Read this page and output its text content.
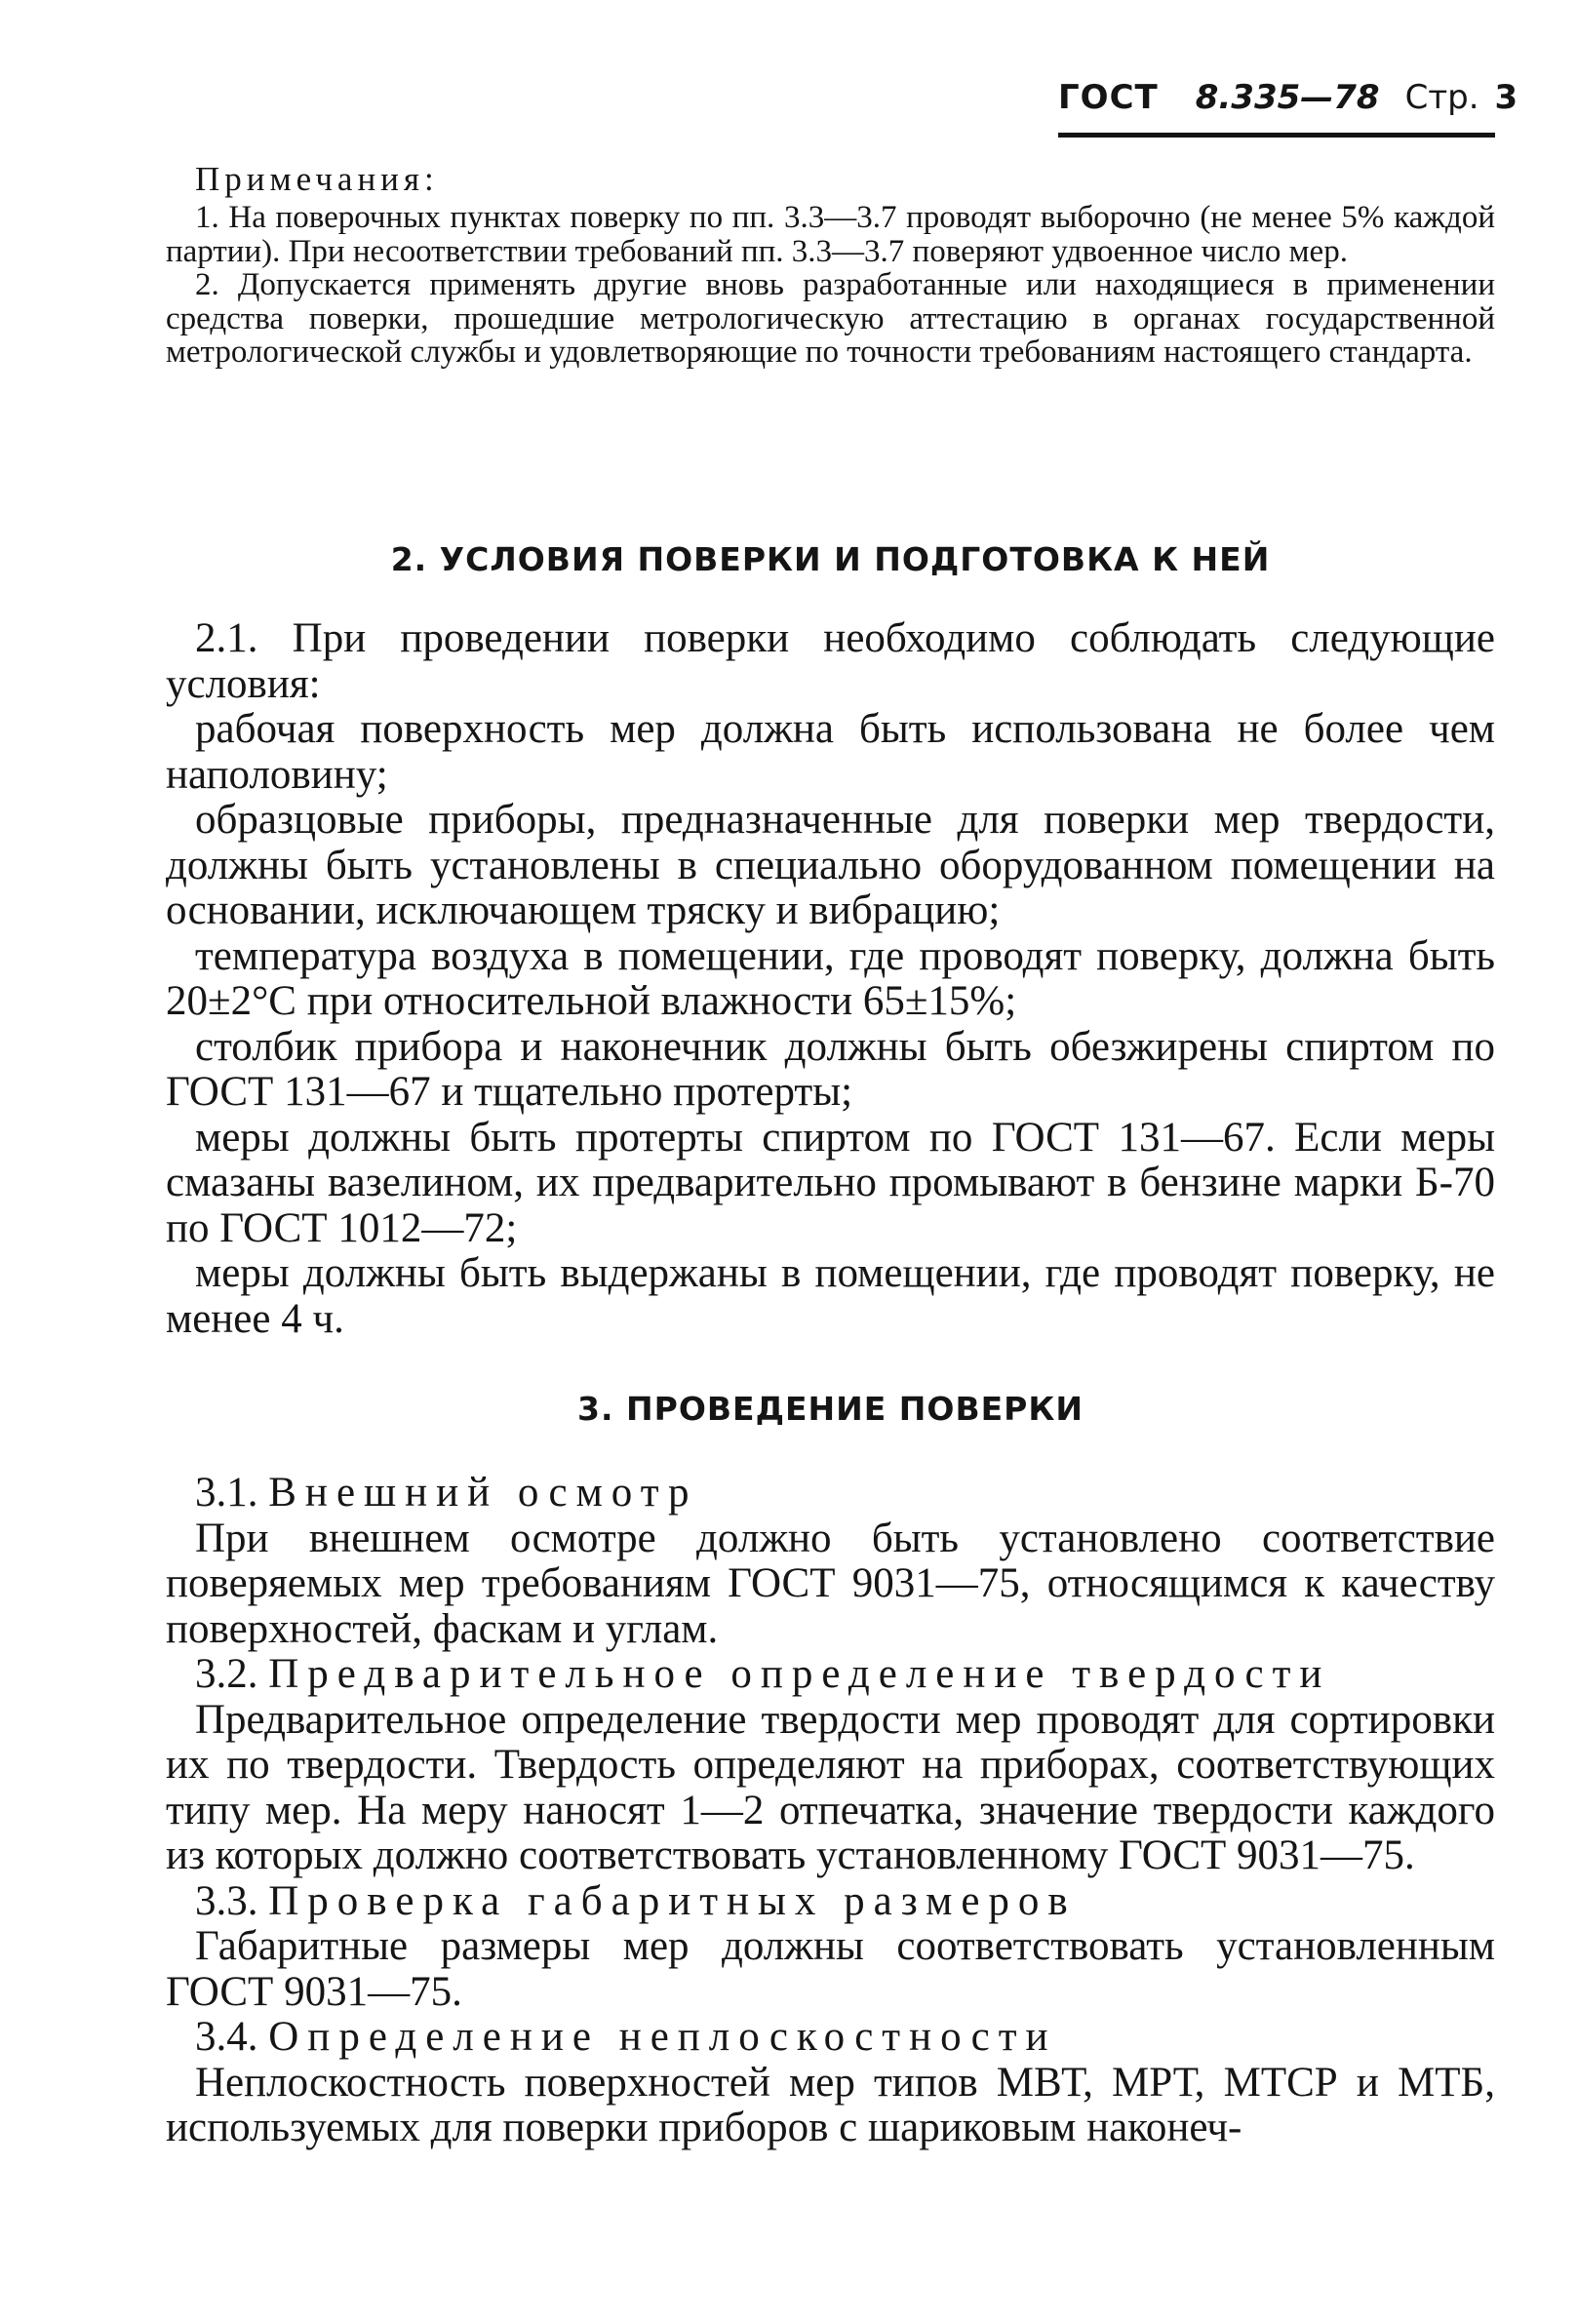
ГОСТ 8.335—78 Стр. 3

Примечания:

1. На поверочных пунктах поверку по пп. 3.3—3.7 проводят выборочно (не менее 5% каждой партии). При несоответствии требований пп. 3.3—3.7 поверяют удвоенное число мер.

2. Допускается применять другие вновь разработанные или находящиеся в применении средства поверки, прошедшие метрологическую аттестацию в органах государственной метрологической службы и удовлетворяющие по точности требованиям настоящего стандарта.

2. УСЛОВИЯ ПОВЕРКИ И ПОДГОТОВКА К НЕЙ

2.1. При проведении поверки необходимо соблюдать следующие условия:

рабочая поверхность мер должна быть использована не более чем наполовину;

образцовые приборы, предназначенные для поверки мер твердости, должны быть установлены в специально оборудованном помещении на основании, исключающем тряску и вибрацию;

температура воздуха в помещении, где проводят поверку, должна быть 20±2°С при относительной влажности 65±15%;

столбик прибора и наконечник должны быть обезжирены спиртом по ГОСТ 131—67 и тщательно протерты;

меры должны быть протерты спиртом по ГОСТ 131—67. Если меры смазаны вазелином, их предварительно промывают в бензине марки Б-70 по ГОСТ 1012—72;

меры должны быть выдержаны в помещении, где проводят поверку, не менее 4 ч.

3. ПРОВЕДЕНИЕ ПОВЕРКИ

3.1. Внешний осмотр

При внешнем осмотре должно быть установлено соответствие поверяемых мер требованиям ГОСТ 9031—75, относящимся к качеству поверхностей, фаскам и углам.

3.2. Предварительное определение твердости

Предварительное определение твердости мер проводят для сортировки их по твердости. Твердость определяют на приборах, соответствующих типу мер. На меру наносят 1—2 отпечатка, значение твердости каждого из которых должно соответствовать установленному ГОСТ 9031—75.

3.3. Проверка габаритных размеров

Габаритные размеры мер должны соответствовать установленным ГОСТ 9031—75.

3.4. Определение неплоскостности

Неплоскостность поверхностей мер типов МВТ, МРТ, МТСР и МТБ, используемых для поверки приборов с шариковым наконеч-
